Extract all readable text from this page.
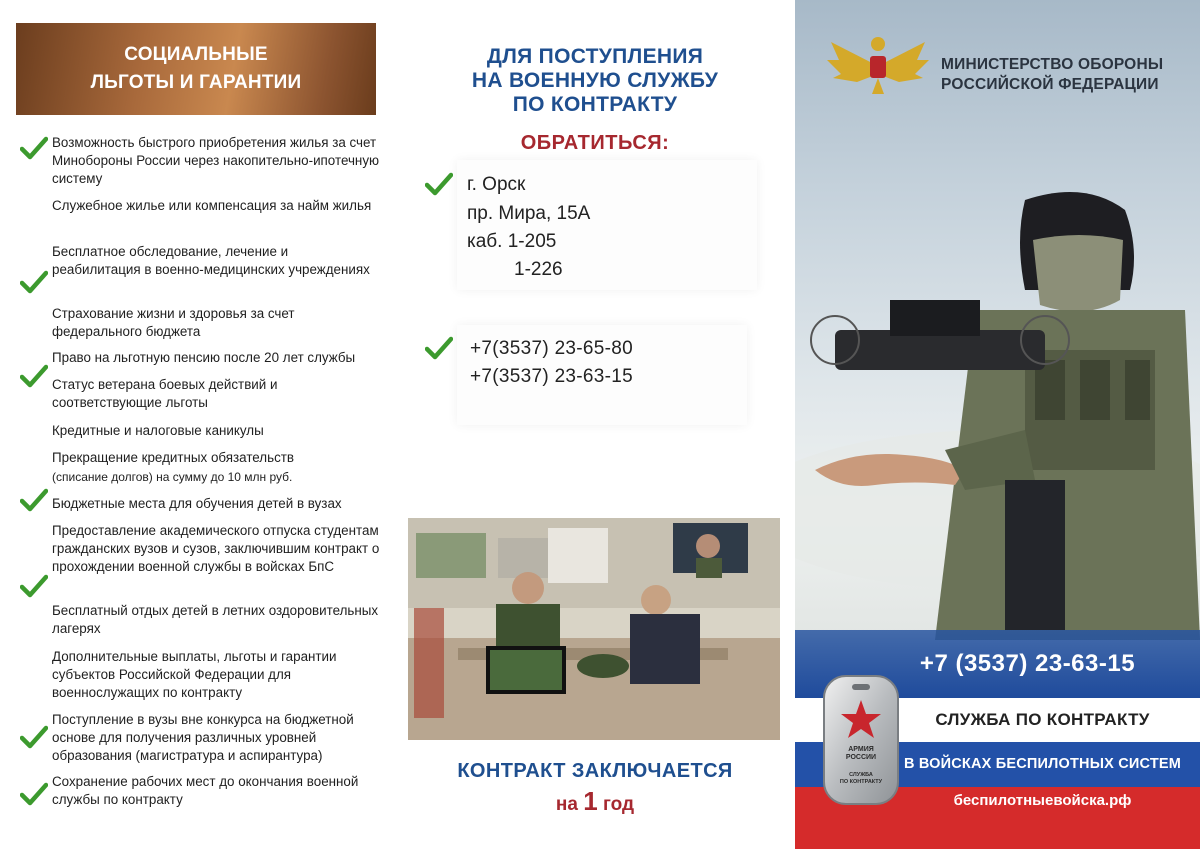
СОЦИАЛЬНЫЕ
ЛЬГОТЫ И ГАРАНТИИ
Возможность быстрого приобретения жилья за счет Минобороны России через накопительно-ипотечную систему
Служебное жилье или компенсация за найм жилья
Бесплатное обследование, лечение и реабилитация в военно-медицинских учреждениях
Страхование жизни и здоровья за счет федерального бюджета
Право на льготную пенсию после 20 лет службы
Статус ветерана боевых действий и соответствующие льготы
Кредитные и налоговые каникулы
Прекращение кредитных обязательств
(списание долгов) на сумму до 10 млн руб.
Бюджетные места для обучения детей в вузах
Предоставление академического отпуска студентам гражданских вузов и сузов, заключившим контракт о прохождении военной службы в войсках БпС
Бесплатный отдых детей в летних оздоровительных лагерях
Дополнительные выплаты, льготы и гарантии субъектов Российской Федерации для военнослужащих по контракту
Поступление в вузы вне конкурса на бюджетной основе для получения различных уровней образования (магистратура и аспирантура)
Сохранение рабочих мест до окончания военной службы по контракту
ДЛЯ ПОСТУПЛЕНИЯ
НА ВОЕННУЮ СЛУЖБУ
ПО КОНТРАКТУ
ОБРАТИТЬСЯ:
г. Орск
пр. Мира, 15А
каб. 1-205
1-226
+7(3537) 23-65-80
+7(3537) 23-63-15
КОНТРАКТ ЗАКЛЮЧАЕТСЯ
на 1 год
МИНИСТЕРСТВО ОБОРОНЫ
РОССИЙСКОЙ ФЕДЕРАЦИИ
+7 (3537) 23-63-15
СЛУЖБА ПО КОНТРАКТУ
В ВОЙСКАХ БЕСПИЛОТНЫХ СИСТЕМ
беспилотныевойска.рф
АРМИЯ
РОССИИ
СЛУЖБА
ПО КОНТРАКТУ
